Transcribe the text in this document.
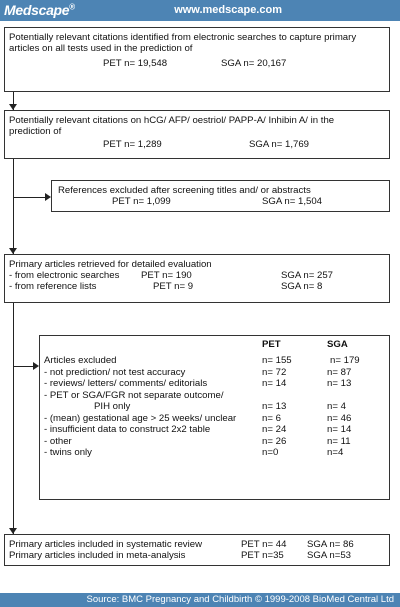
Medscape®	www.medscape.com
Potentially relevant citations identified from electronic searches to capture primary
articles on all tests used in the prediction of
PET n= 19,548	SGA n= 20,167
Potentially relevant citations on hCG/ AFP/ oestriol/ PAPP-A/ Inhibin A/ in the
prediction of
PET n= 1,289	SGA n= 1,769
References excluded after screening titles and/ or abstracts
PET n= 1,099	SGA n= 1,504
Primary articles retrieved for detailed evaluation
- from electronic searches PET n= 190	SGA n= 257
- from reference lists	PET n= 9	SGA n= 8
PET	SGA
Articles excluded	n= 155	n= 179
- not prediction/ not test accuracy	n= 72	n= 87
- reviews/ letters/ comments/ editorials	n= 14	n= 13
- PET or SGA/FGR not separate outcome/
PIH only	n= 13	n= 4
- (mean) gestational age > 25 weeks/ unclear	n= 6	n= 46
- insufficient data to construct 2x2 table	n= 24	n= 14
- other	n= 26	n= 11
- twins only	n=0	n=4
Primary articles included in systematic review	PET n= 44 SGA n= 86
Primary articles included in meta-analysis	PET n=35 SGA n=53
Source: BMC Pregnancy and Childbirth © 1999-2008 BioMed Central Ltd
